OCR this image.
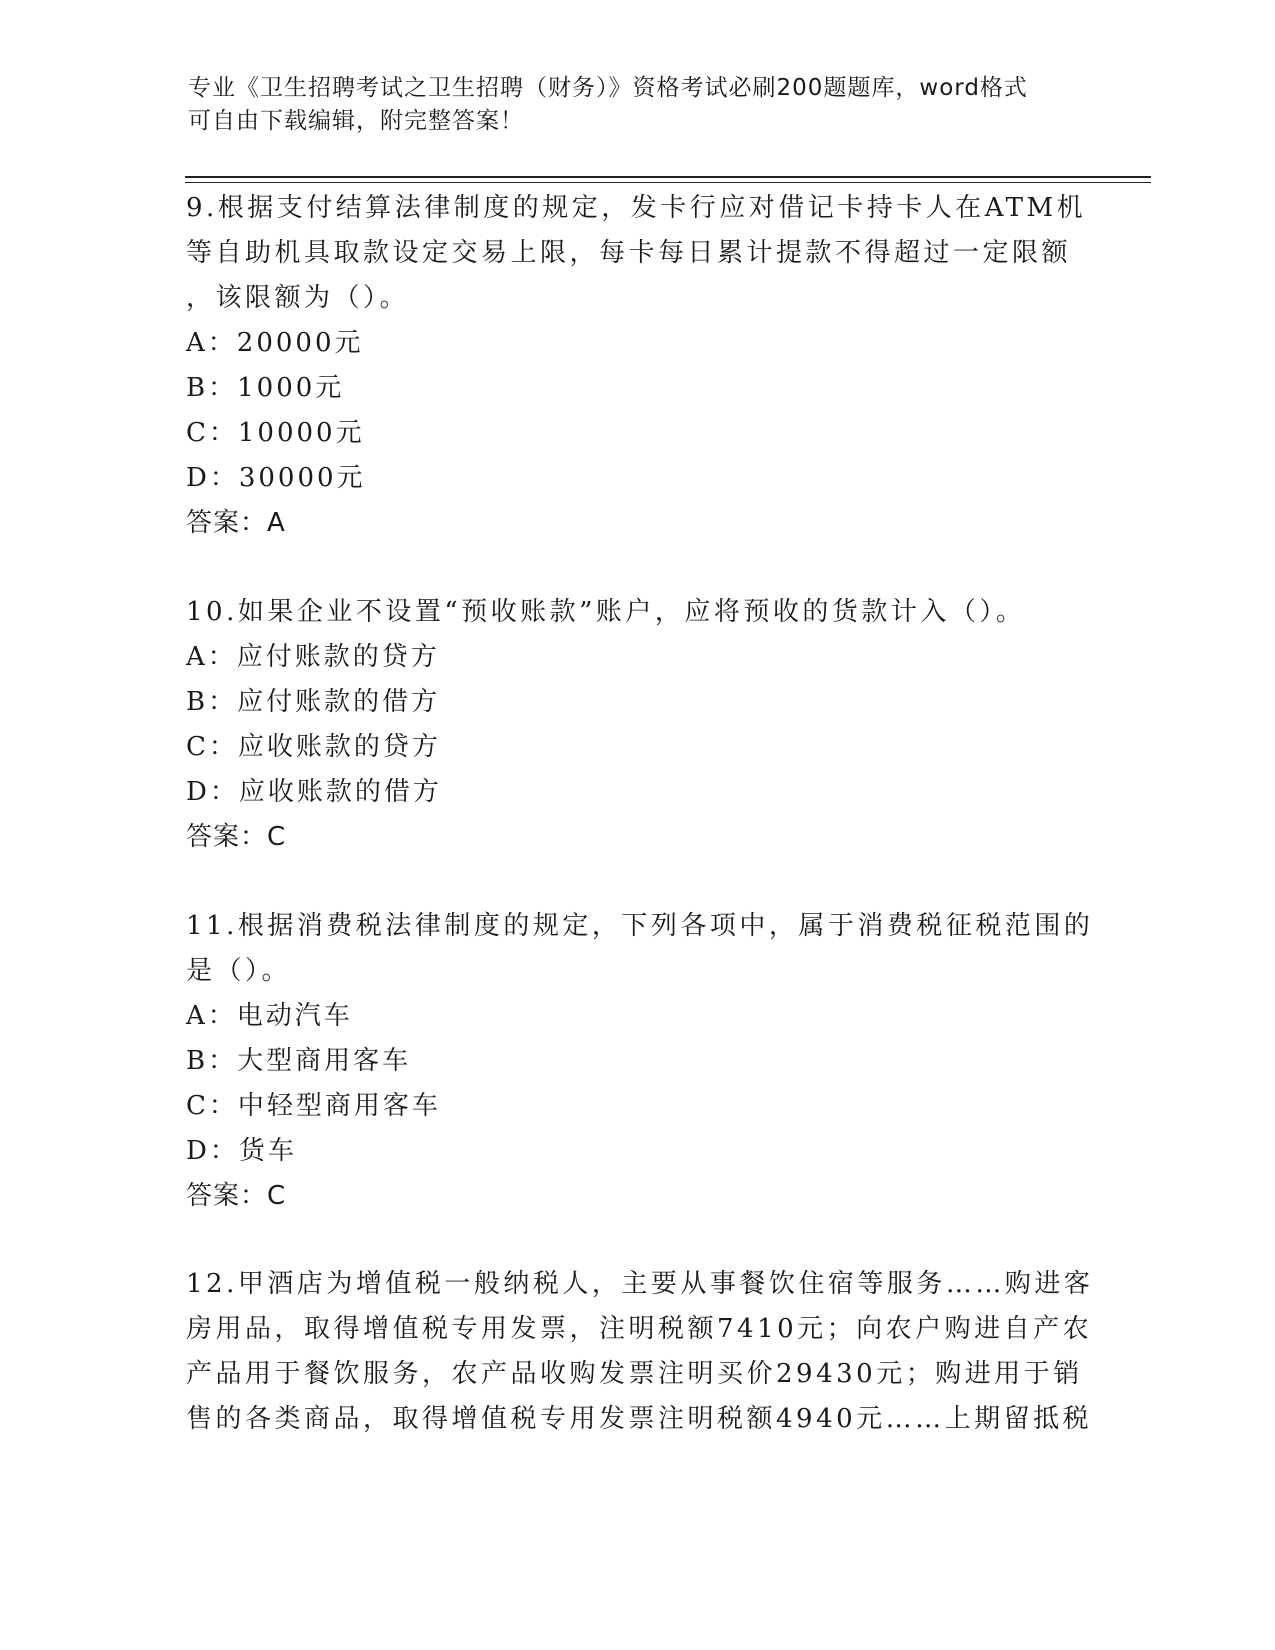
专业《卫生招聘考试之卫生招聘（财务）》资格考试必刷200题题库，word格式
可自由下载编辑，附完整答案！
9.根据支付结算法律制度的规定，发卡行应对借记卡持卡人在ATM机
等自助机具取款设定交易上限，每卡每日累计提款不得超过一定限额
，该限额为（）。
A：20000元
B：1000元
C：10000元
D：30000元
答案：A
10.如果企业不设置“预收账款”账户，应将预收的货款计入（）。
A：应付账款的贷方
B：应付账款的借方
C：应收账款的贷方
D：应收账款的借方
答案：C
11.根据消费税法律制度的规定，下列各项中，属于消费税征税范围的
是（）。
A：电动汽车
B：大型商用客车
C：中轻型商用客车
D：货车
答案：C
12.甲酒店为增值税一般纳税人，主要从事餐饮住宿等服务……购进客
房用品，取得增值税专用发票，注明税额7410元；向农户购进自产农
产品用于餐饮服务，农产品收购发票注明买价29430元；购进用于销
售的各类商品，取得增值税专用发票注明税额4940元……上期留抵税
